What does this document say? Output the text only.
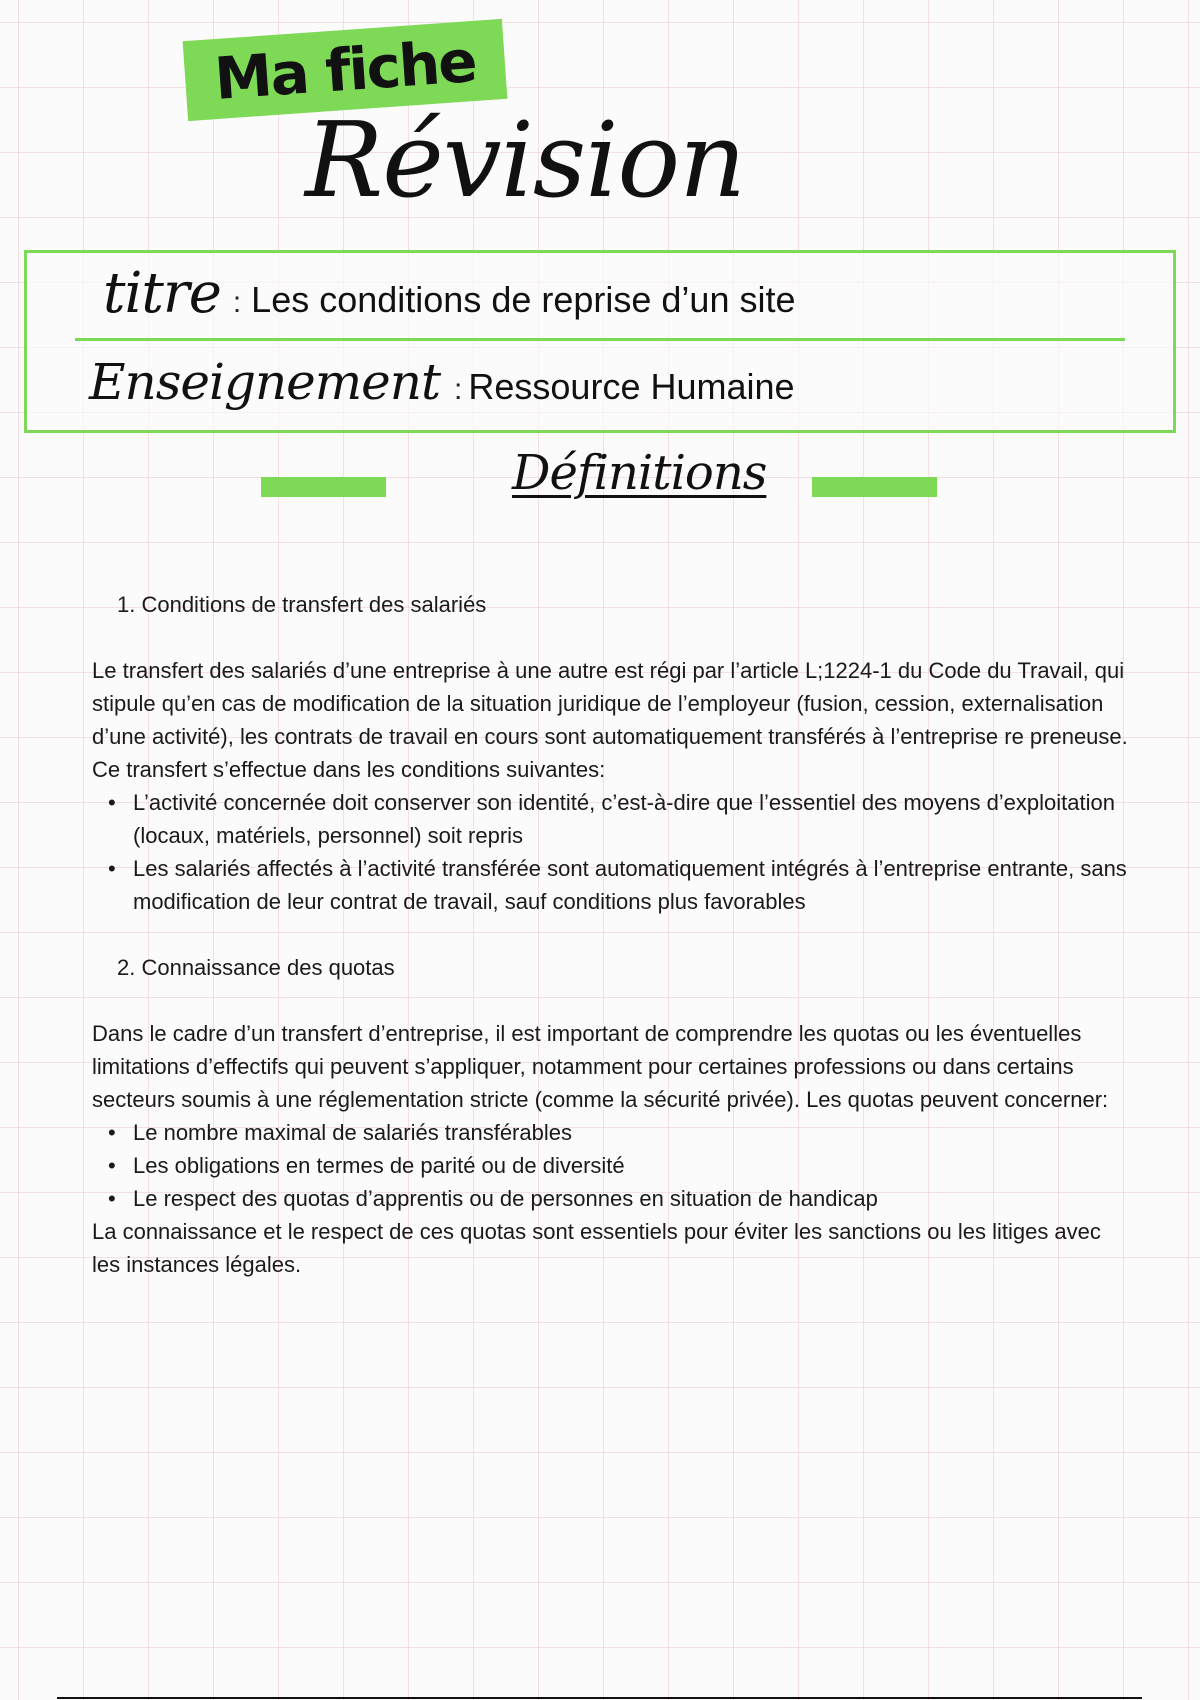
Ma fiche
Révision
titre : Les conditions de reprise d’un site
Enseignement : Ressource Humaine
Définitions
1. Conditions de transfert des salariés

Le transfert des salariés d’une entreprise à une autre est régi par l’article L;1224-1 du Code du Travail, qui stipule qu’en cas de modification de la situation juridique de l’employeur (fusion, cession, externalisation d’une activité), les contrats de travail en cours sont automatiquement transférés à l’entreprise re preneuse. Ce transfert s’effectue dans les conditions suivantes:

• L’activité concernée doit conserver son identité, c’est-à-dire que l’essentiel des moyens d’exploitation (locaux, matériels, personnel) soit repris
• Les salariés affectés à l’activité transférée sont automatiquement intégrés à l’entreprise entrante, sans modification de leur contrat de travail, sauf conditions plus favorables
2. Connaissance des quotas

Dans le cadre d’un transfert d’entreprise, il est important de comprendre les quotas ou les éventuelles limitations d’effectifs qui peuvent s’appliquer, notamment pour certaines professions ou dans certains secteurs soumis à une réglementation stricte (comme la sécurité privée). Les quotas peuvent concerner:

• Le nombre maximal de salariés transférables
• Les obligations en termes de parité ou de diversité
• Le respect des quotas d’apprentis ou de personnes en situation de handicap

La connaissance et le respect de ces quotas sont essentiels pour éviter les sanctions ou les litiges avec les instances légales.
